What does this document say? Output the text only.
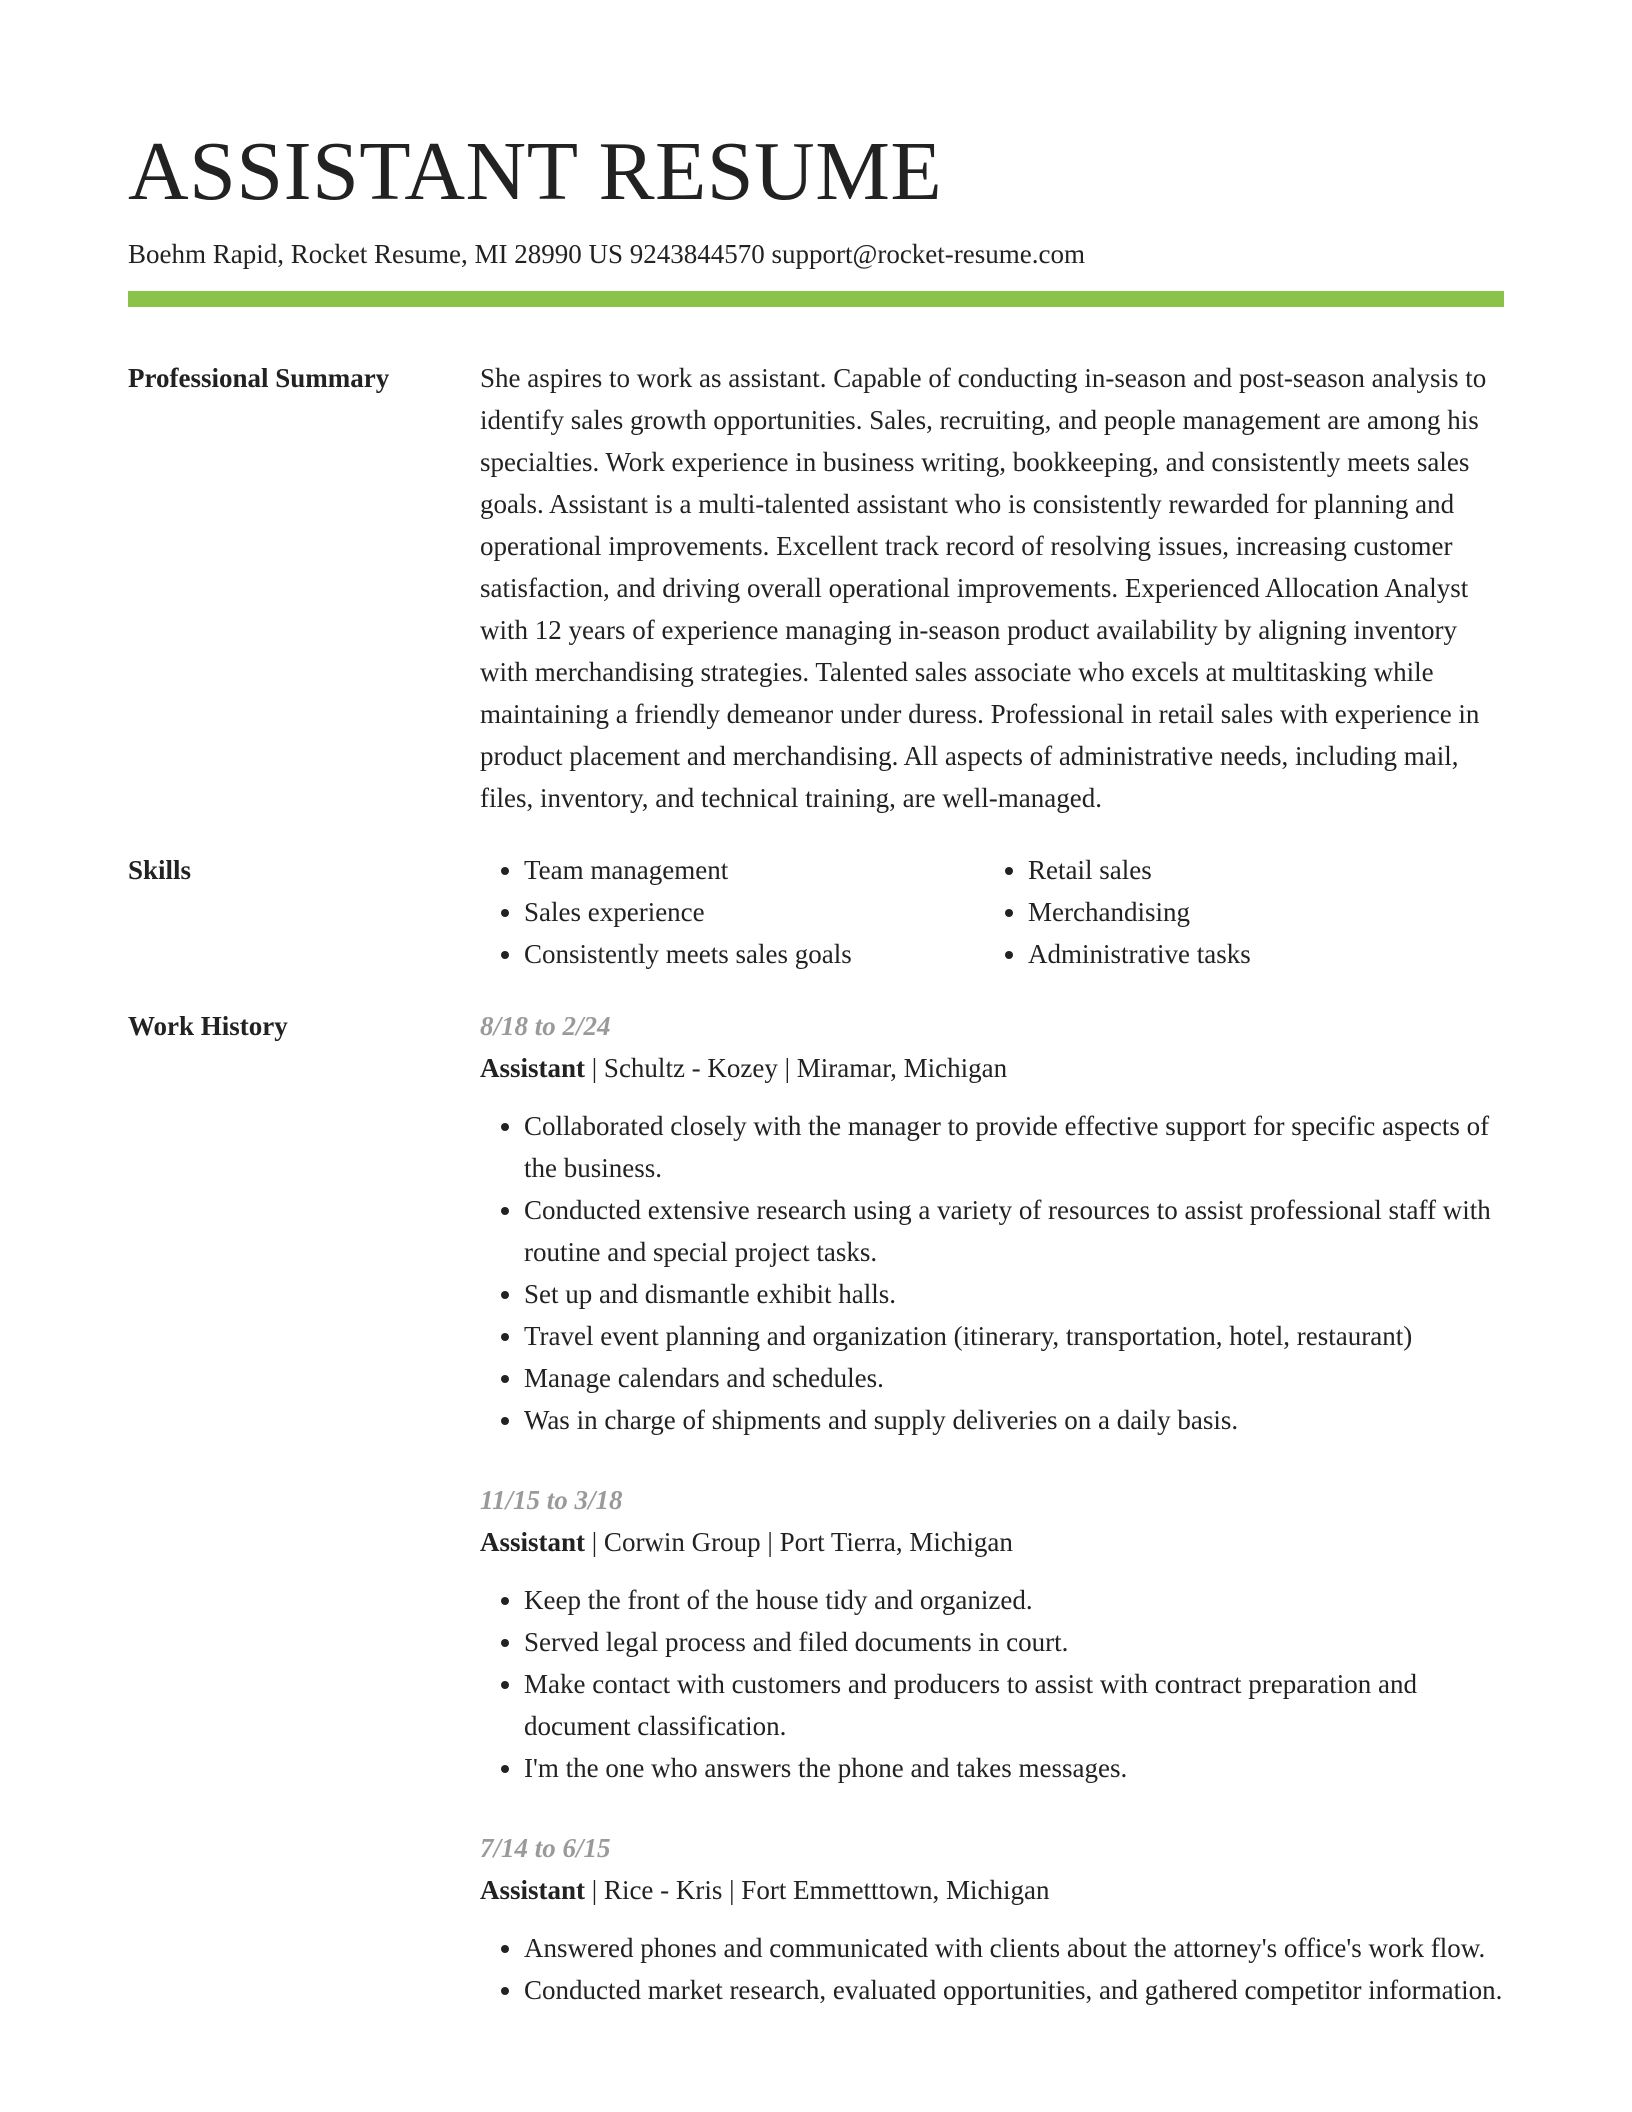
ASSISTANT RESUME
Boehm Rapid, Rocket Resume, MI 28990 US 9243844570 support@rocket-resume.com
Professional Summary	She aspires to work as assistant. Capable of conducting in-season and post-season analysis to identify sales growth opportunities. Sales, recruiting, and people management are among his specialties. Work experience in business writing, bookkeeping, and consistently meets sales goals. Assistant is a multi-talented assistant who is consistently rewarded for planning and operational improvements. Excellent track record of resolving issues, increasing customer satisfaction, and driving overall operational improvements. Experienced Allocation Analyst with 12 years of experience managing in-season product availability by aligning inventory with merchandising strategies. Talented sales associate who excels at multitasking while maintaining a friendly demeanor under duress. Professional in retail sales with experience in product placement and merchandising. All aspects of administrative needs, including mail, files, inventory, and technical training, are well-managed.

Skills
•	Team management
• Sales experience
• Consistently meets sales goals
• Retail sales
• Merchandising
• Administrative tasks
Work History	8/18 to 2/24
Assistant | Schultz - Kozey | Miramar, Michigan
• Collaborated closely with the manager to provide effective support for specific aspects of the business.
• Conducted extensive research using a variety of resources to assist professional staff with routine and special project tasks.
• Set up and dismantle exhibit halls.
• Travel event planning and organization (itinerary, transportation, hotel, restaurant)
• Manage calendars and schedules.
• Was in charge of shipments and supply deliveries on a daily basis.
11/15 to 3/18
Assistant | Corwin Group | Port Tierra, Michigan
• Keep the front of the house tidy and organized.
• Served legal process and filed documents in court.
• Make contact with customers and producers to assist with contract preparation and document classification.
• I'm the one who answers the phone and takes messages.
7/14 to 6/15
Assistant | Rice - Kris | Fort Emmetttown, Michigan
• Answered phones and communicated with clients about the attorney's office's work flow.
• Conducted market research, evaluated opportunities, and gathered competitor information.
